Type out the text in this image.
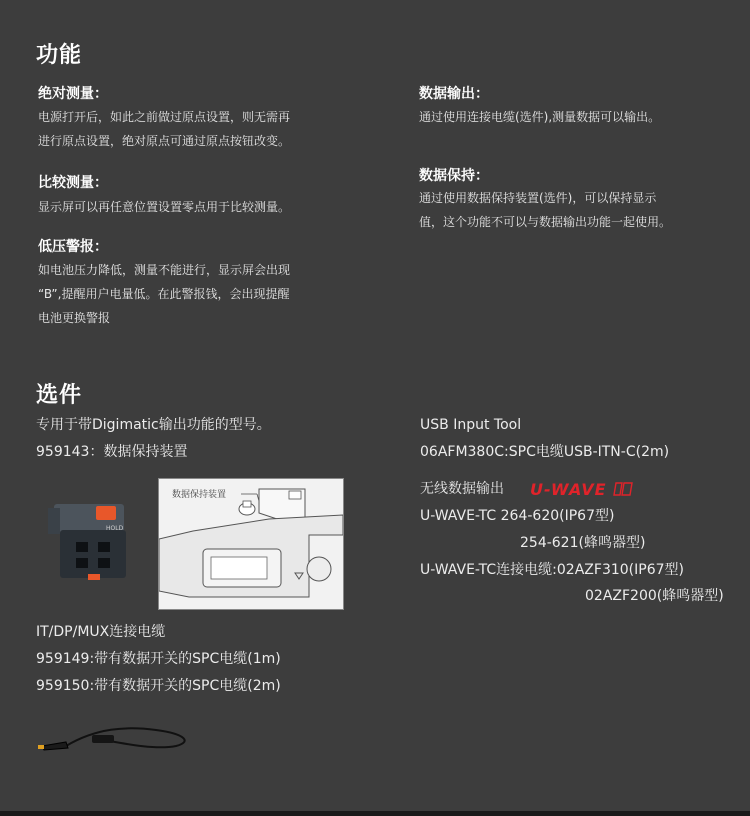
功能
绝对测量：
电源打开后，如此之前做过原点设置，则无需再
进行原点设置，绝对原点可通过原点按钮改变。
比较测量：
显示屏可以再任意位置设置零点用于比较测量。
低压警报：
如电池压力降低，测量不能进行，显示屏会出现
“B”,提醒用户电量低。在此警报钱，会出现提醒
电池更换警报
数据输出：
通过使用连接电缆(选件),测量数据可以输出。
数据保持：
通过使用数据保持装置(选件)，可以保持显示
值，这个功能不可以与数据输出功能一起使用。
选件
专用于带Digimatic输出功能的型号。
959143：数据保持装置
HOLD
数据保持装置
IT/DP/MUX连接电缆
959149:带有数据开关的SPC电缆(1m)
959150:带有数据开关的SPC电缆(2m)
USB Input Tool
06AFM380C:SPC电缆USB-ITN-C(2m)
无线数据输出 U-WAVE
U-WAVE-TC 264-620(IP67型)
254-621(蜂鸣器型)
U-WAVE-TC连接电缆:02AZF310(IP67型)
02AZF200(蜂鸣器型)
